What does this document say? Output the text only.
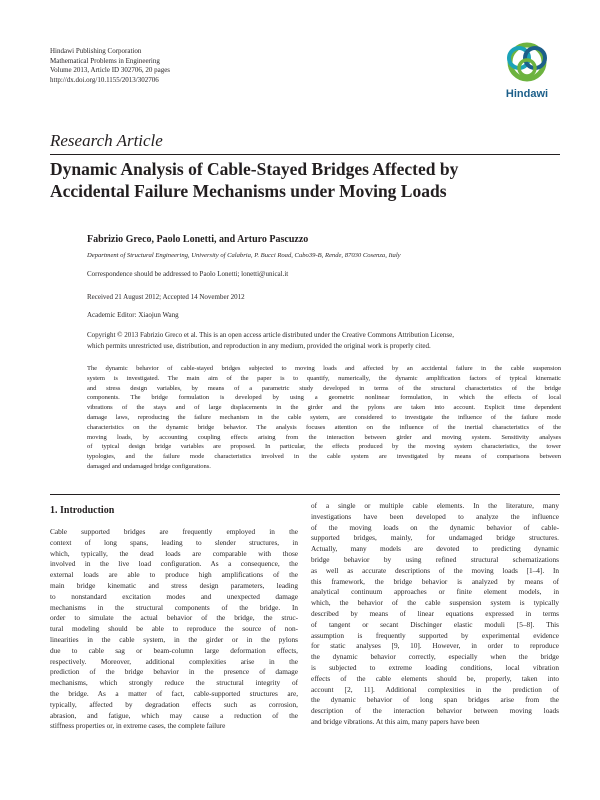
Hindawi Publishing Corporation
Mathematical Problems in Engineering
Volume 2013, Article ID 302706, 20 pages
http://dx.doi.org/10.1155/2013/302706
Hindawi
Research Article
Dynamic Analysis of Cable-Stayed Bridges Affected by
Accidental Failure Mechanisms under Moving Loads
Fabrizio Greco, Paolo Lonetti, and Arturo Pascuzzo
Department of Structural Engineering, University of Calabria, P. Bucci Road, Cubo39-B, Rende, 87030 Cosenza, Italy
Correspondence should be addressed to Paolo Lonetti; lonetti@unical.it
Received 21 August 2012; Accepted 14 November 2012
Academic Editor: Xiaojun Wang
Copyright © 2013 Fabrizio Greco et al. This is an open access article distributed under the Creative Commons Attribution License,
which permits unrestricted use, distribution, and reproduction in any medium, provided the original work is properly cited.
The dynamic behavior of cable-stayed bridges subjected to moving loads and affected by an accidental failure in the cable suspension
system is investigated. The main aim of the paper is to quantify, numerically, the dynamic amplification factors of typical kinematic
and stress design variables, by means of a parametric study developed in terms of the structural characteristics of the bridge
components. The bridge formulation is developed by using a geometric nonlinear formulation, in which the effects of local
vibrations of the stays and of large displacements in the girder and the pylons are taken into account. Explicit time dependent
damage laws, reproducing the failure mechanism in the cable system, are considered to investigate the influence of the failure mode
characteristics on the dynamic bridge behavior. The analysis focuses attention on the influence of the inertial characteristics of the
moving loads, by accounting coupling effects arising from the interaction between girder and moving system. Sensitivity analyses
of typical design bridge variables are proposed. In particular, the effects produced by the moving system characteristics, the tower
typologies, and the failure mode characteristics involved in the cable system are investigated by means of comparisons between
damaged and undamaged bridge configurations.
1. Introduction
Cable supported bridges are frequently employed in the
context of long spans, leading to slender structures, in
which, typically, the dead loads are comparable with those
involved in the live load configuration. As a consequence, the
external loads are able to produce high amplifications of the
main bridge kinematic and stress design parameters, leading
to nonstandard excitation modes and unexpected damage
mechanisms in the structural components of the bridge. In
order to simulate the actual behavior of the bridge, the struc-
tural modeling should be able to reproduce the source of non-
linearities in the cable system, in the girder or in the pylons
due to cable sag or beam-column large deformation effects,
respectively. Moreover, additional complexities arise in the
prediction of the bridge behavior in the presence of damage
mechanisms, which strongly reduce the structural integrity of
the bridge. As a matter of fact, cable-supported structures are,
typically, affected by degradation effects such as corrosion,
abrasion, and fatigue, which may cause a reduction of the
stiffness properties or, in extreme cases, the complete failure
of a single or multiple cable elements. In the literature, many
investigations have been developed to analyze the influence
of the moving loads on the dynamic behavior of cable-
supported bridges, mainly, for undamaged bridge structures.
Actually, many models are devoted to predicting dynamic
bridge behavior by using refined structural schematizations
as well as accurate descriptions of the moving loads [1–4]. In
this framework, the bridge behavior is analyzed by means of
analytical continuum approaches or finite element models, in
which, the behavior of the cable suspension system is typically
described by means of linear equations expressed in terms
of tangent or secant Dischinger elastic moduli [5–8]. This
assumption is frequently supported by experimental evidence
for static analyses [9, 10]. However, in order to reproduce
the dynamic behavior correctly, especially when the bridge
is subjected to extreme loading conditions, local vibration
effects of the cable elements should be, properly, taken into
account [2, 11]. Additional complexities in the prediction of
the dynamic behavior of long span bridges arise from the
description of the interaction behavior between moving loads
and bridge vibrations. At this aim, many papers have been
